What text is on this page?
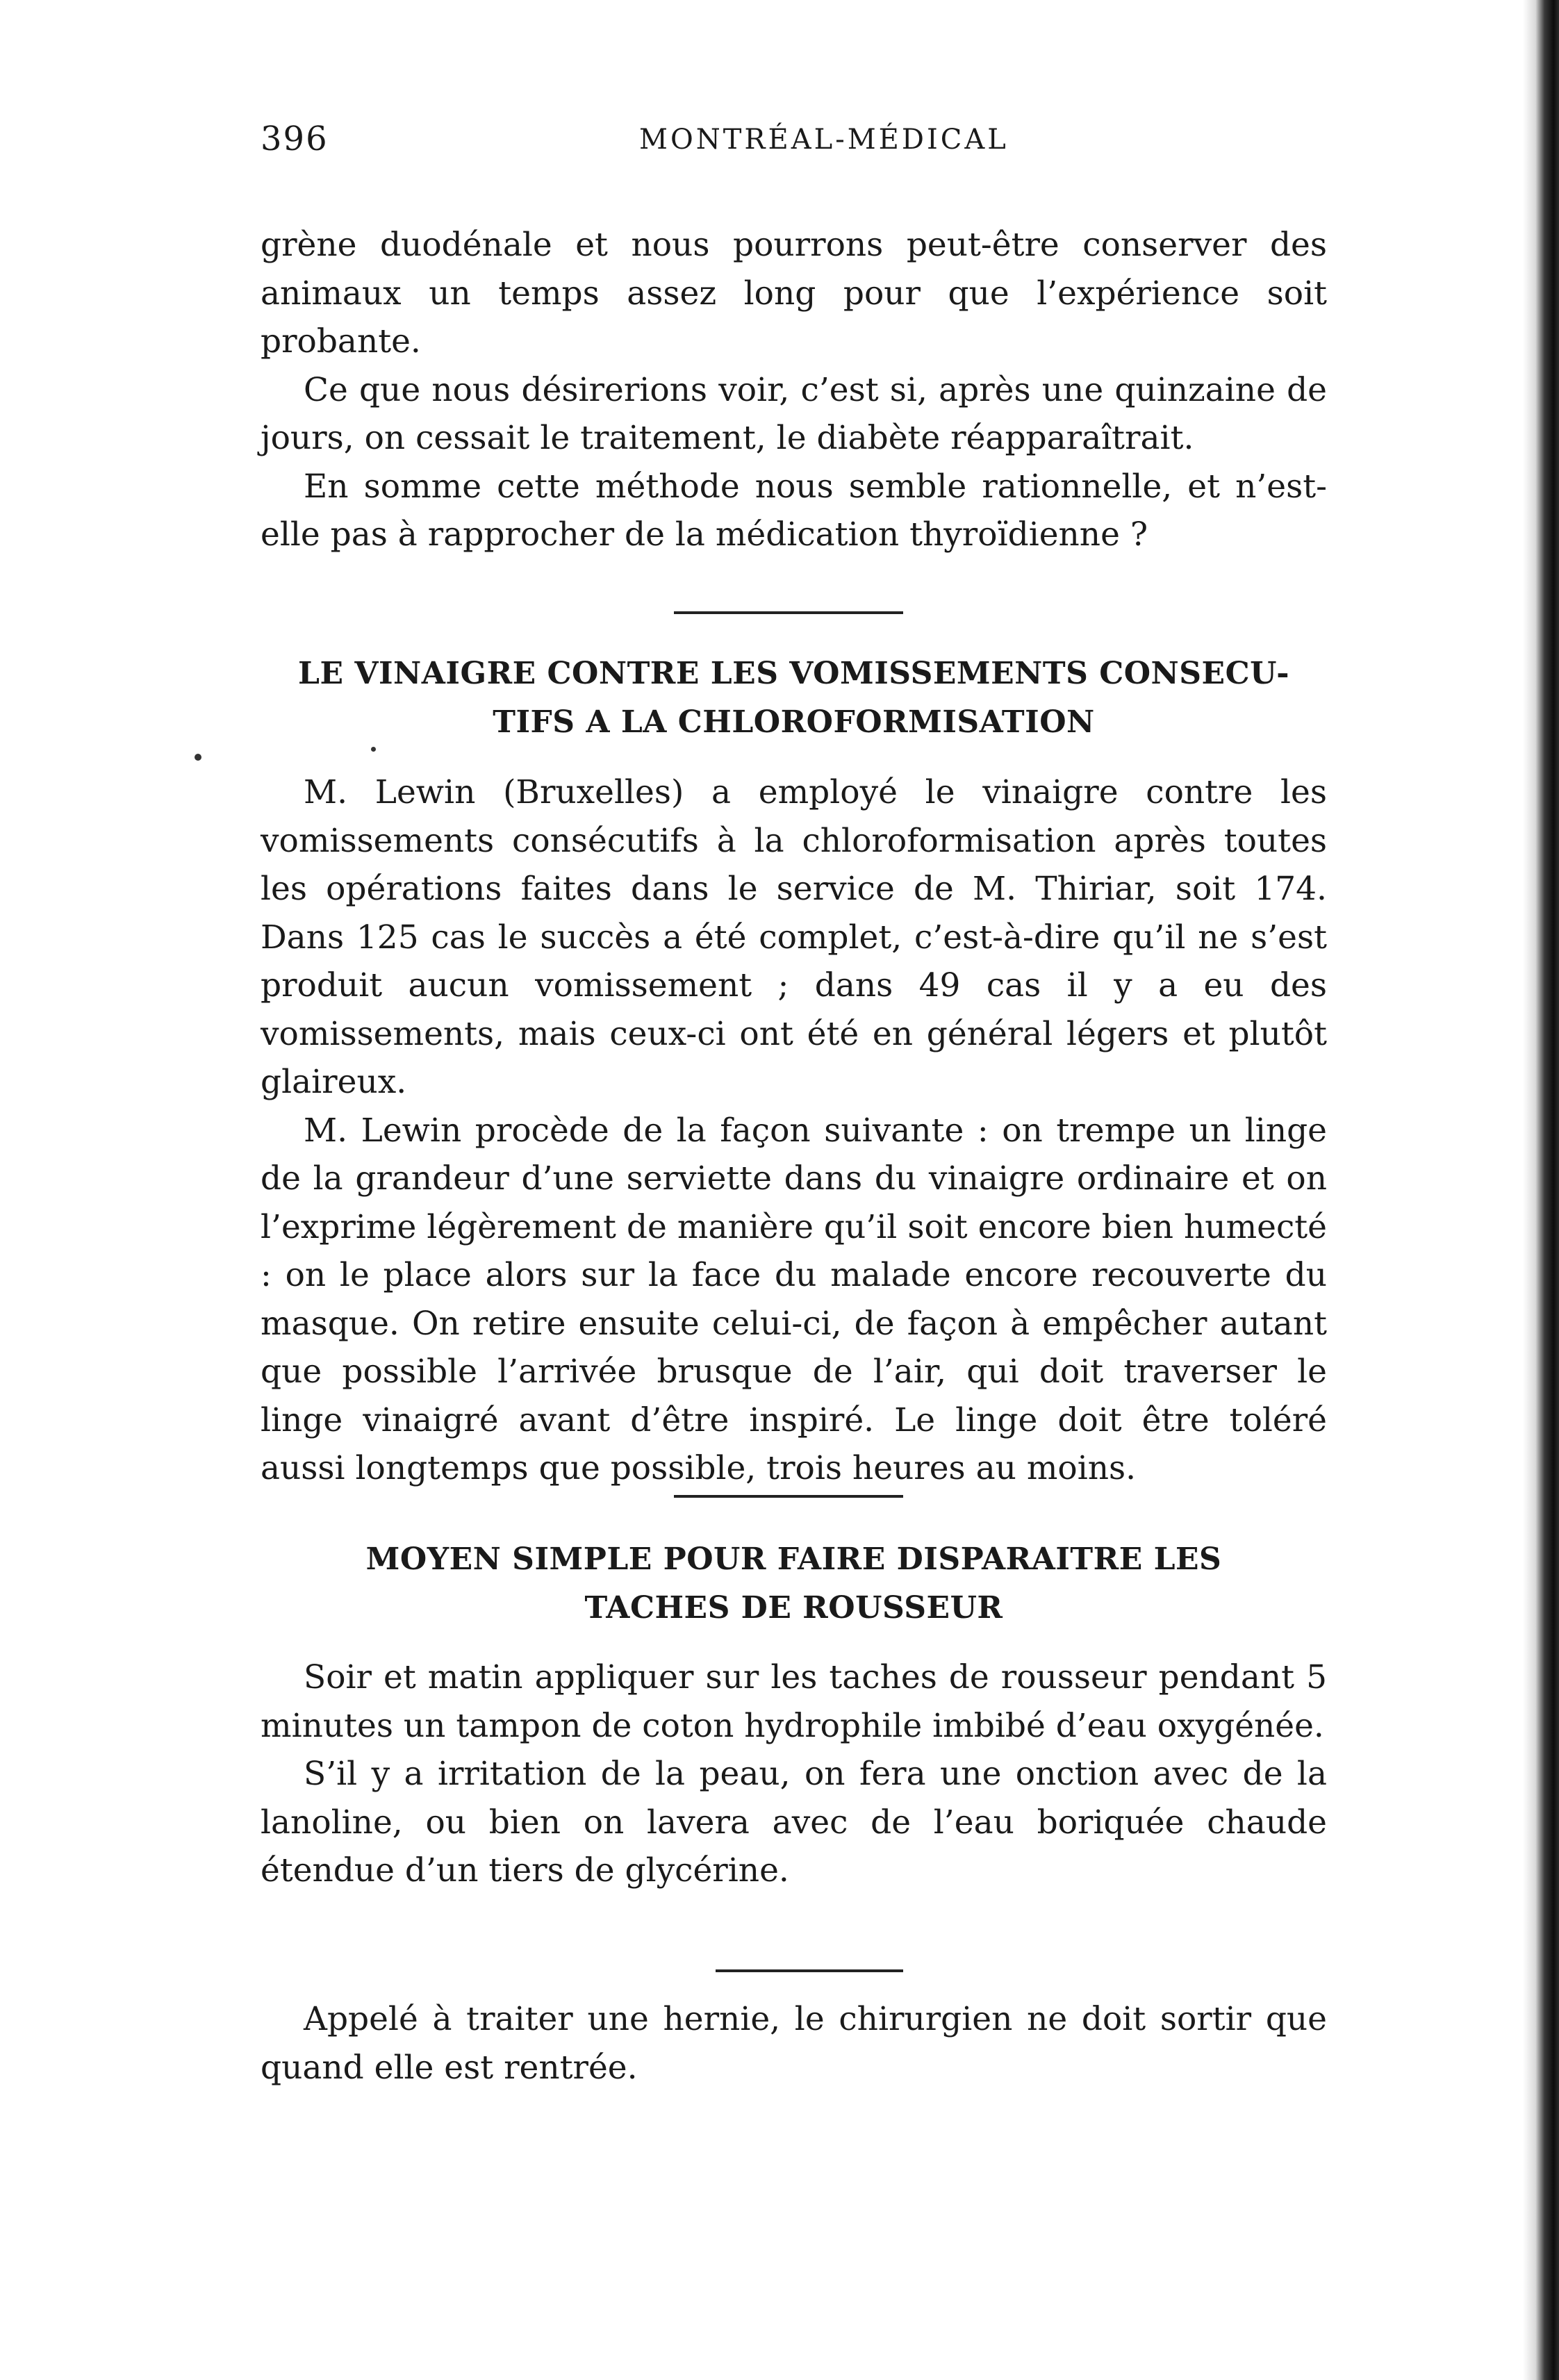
396	MONTRÉAL-MÉDICAL

grène duodénale et nous pourrons peut-être conserver des animaux un temps assez long pour que l’expérience soit probante.

Ce que nous désirerions voir, c’est si, après une quinzaine de jours, on cessait le traitement, le diabète réapparaîtrait.

En somme cette méthode nous semble rationnelle, et n’est-elle pas à rapprocher de la médication thyroïdienne ?

LE VINAIGRE CONTRE LES VOMISSEMENTS CONSECU-
TIFS A LA CHLOROFORMISATION

M. Lewin (Bruxelles) a employé le vinaigre contre les vomissements consécutifs à la chloroformisation après toutes les opérations faites dans le service de M. Thiriar, soit 174. Dans 125 cas le succès a été complet, c’est-à-dire qu’il ne s’est produit aucun vomissement ; dans 49 cas il y a eu des vomissements, mais ceux-ci ont été en général légers et plutôt glaireux.

M. Lewin procède de la façon suivante : on trempe un linge de la grandeur d’une serviette dans du vinaigre ordinaire et on l’exprime légèrement de manière qu’il soit encore bien humecté : on le place alors sur la face du malade encore recouverte du masque. On retire ensuite celui-ci, de façon à empêcher autant que possible l’arrivée brusque de l’air, qui doit traverser le linge vinaigré avant d’être inspiré. Le linge doit être toléré aussi longtemps que possible, trois heures au moins.

MOYEN SIMPLE POUR FAIRE DISPARAITRE LES
TACHES DE ROUSSEUR

Soir et matin appliquer sur les taches de rousseur pendant 5 minutes un tampon de coton hydrophile imbibé d’eau oxygénée.

S’il y a irritation de la peau, on fera une onction avec de la lanoline, ou bien on lavera avec de l’eau boriquée chaude étendue d’un tiers de glycérine.

Appelé à traiter une hernie, le chirurgien ne doit sortir que quand elle est rentrée.
